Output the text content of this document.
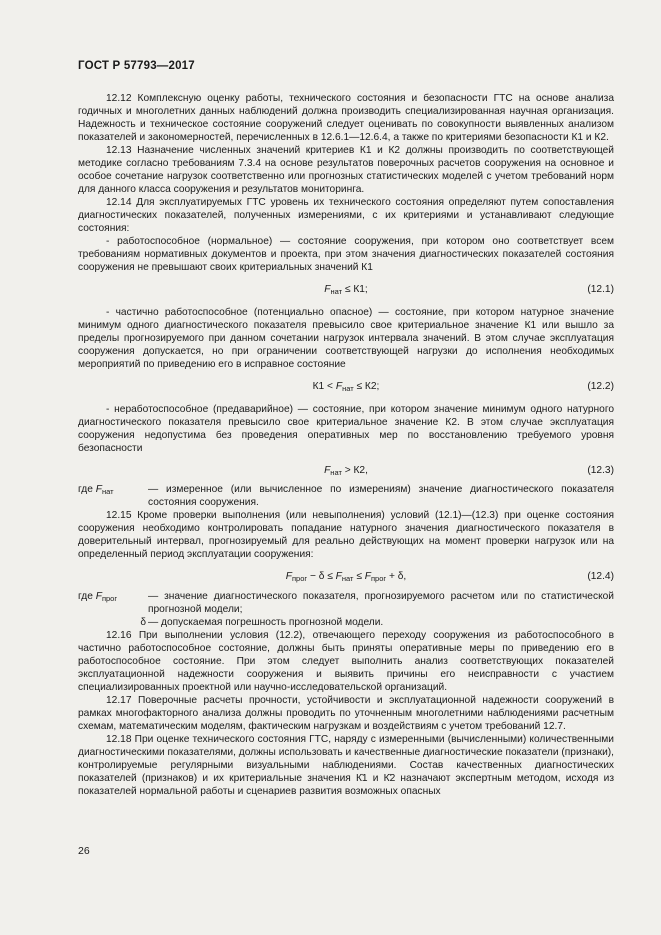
ГОСТ Р 57793—2017

12.12 Комплексную оценку работы, технического состояния и безопасности ГТС на основе анализа годичных и многолетних данных наблюдений должна производить специализированная научная организация. Надежность и техническое состояние сооружений следует оценивать по совокупности выявленных анализом показателей и закономерностей, перечисленных в 12.6.1—12.6.4, а также по критериями безопасности К1 и К2.

12.13 Назначение численных значений критериев К1 и К2 должны производить по соответствующей методике согласно требованиям 7.3.4 на основе результатов поверочных расчетов сооружения на основное и особое сочетание нагрузок соответственно или прогнозных статистических моделей с учетом требований норм для данного класса сооружения и результатов мониторинга.

12.14 Для эксплуатируемых ГТС уровень их технического состояния определяют путем сопоставления диагностических показателей, полученных измерениями, с их критериями и устанавливают следующие состояния:

- работоспособное (нормальное) — состояние сооружения, при котором оно соответствует всем требованиям нормативных документов и проекта, при этом значения диагностических показателей состояния сооружения не превышают своих критериальных значений К1

$F_{нат} \le К1$;	(12.1)

- частично работоспособное (потенциально опасное) — состояние, при котором натурное значение минимум одного диагностического показателя превысило свое критериальное значение К1 или вышло за пределы прогнозируемого при данном сочетании нагрузок интервала значений. В этом случае эксплуатация сооружения допускается, но при ограничении соответствующей нагрузки до исполнения необходимых мероприятий по приведению его в исправное состояние

$К1 < F_{нат} \le К2$;	(12.2)

- неработоспособное (предаварийное) — состояние, при котором значение минимум одного натурного диагностического показателя превысило свое критериальное значение К2. В этом случае эксплуатация сооружения недопустима без проведения оперативных мер по восстановлению требуемого уровня безопасности

$F_{нат} > К2$,	(12.3)
где $F_{нат}$	— измеренное (или вычисленное по измерениям) значение диагностического показателя состояния сооружения.

12.15 Кроме проверки выполнения (или невыполнения) условий (12.1)—(12.3) при оценке состояния сооружения необходимо контролировать попадание натурного значения диагностического показателя в доверительный интервал, прогнозируемый для реально действующих на момент проверки нагрузок или на определенный период эксплуатации сооружения:

$F_{прог} - \delta \le F_{нат} \le F_{прог} + \delta$,	(12.4)
где $F_{прог}$	— значение диагностического показателя, прогнозируемого расчетом или по статистической прогнозной модели;
δ — допускаемая погрешность прогнозной модели.

12.16 При выполнении условия (12.2), отвечающего переходу сооружения из работоспособного в частично работоспособное состояние, должны быть приняты оперативные меры по приведению его в работоспособное состояние. При этом следует выполнить анализ соответствующих показателей эксплуатационной надежности сооружения и выявить причины его неисправности с участием специализированных проектной или научно-исследовательской организаций.

12.17 Поверочные расчеты прочности, устойчивости и эксплуатационной надежности сооружений в рамках многофакторного анализа должны проводить по уточненным многолетними наблюдениями расчетным схемам, математическим моделям, фактическим нагрузкам и воздействиям с учетом требований 12.7.

12.18 При оценке технического состояния ГТС, наряду с измеренными (вычисленными) количественными диагностическими показателями, должны использовать и качественные диагностические показатели (признаки), контролируемые регулярными визуальными наблюдениями. Состав качественных диагностических показателей (признаков) и их критериальные значения К̄1 и К̄2 назначают экспертным методом, исходя из показателей нормальной работы и сценариев развития возможных опасных

26
